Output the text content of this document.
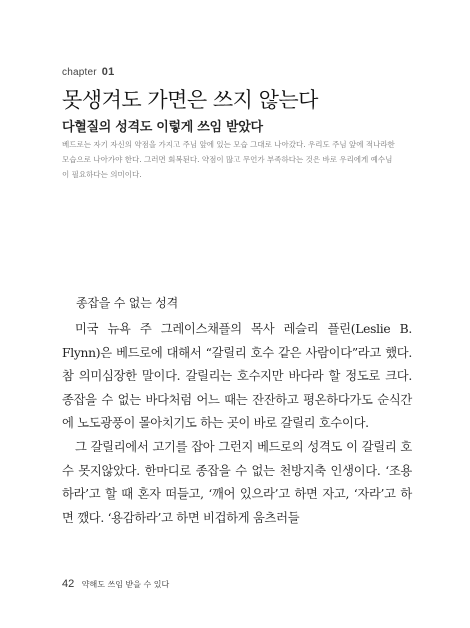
chapter 01
못생겨도 가면은 쓰지 않는다
다혈질의 성격도 이렇게 쓰임 받았다

베드로는 자기 자신의 약점을 가지고 주님 앞에 있는 모습 그대로 나아갔다. 우리도 주님 앞에 적나라한

모습으로 나아가야 한다. 그러면 회복된다. 약점이 많고 무언가 부족하다는 것은 바로 우리에게 예수님

이 필요하다는 의미이다.

종잡을 수 없는 성격

미국 뉴욕 주 그레이스채플의 목사 레슬리 플린(Leslie B. Flynn)은 베드로에 대해서 “갈릴리 호수 같은 사람이다”라고 했다. 참 의미심장한 말이다. 갈릴리는 호수지만 바다라 할 정도로 크다. 종잡을 수 없는 바다처럼 어느 때는 잔잔하고 평온하다가도 순식간에 노도광풍이 몰아치기도 하는 곳이 바로 갈릴리 호수이다.

그 갈릴리에서 고기를 잡아 그런지 베드로의 성격도 이 갈릴리 호수 못지않았다. 한마디로 종잡을 수 없는 천방지축 인생이다. ‘조용하라’고 할 때 혼자 떠들고, ‘깨어 있으라’고 하면 자고, ‘자라’고 하면 깼다. ‘용감하라’고 하면 비겁하게 움츠러들

42 약해도 쓰임 받을 수 있다
